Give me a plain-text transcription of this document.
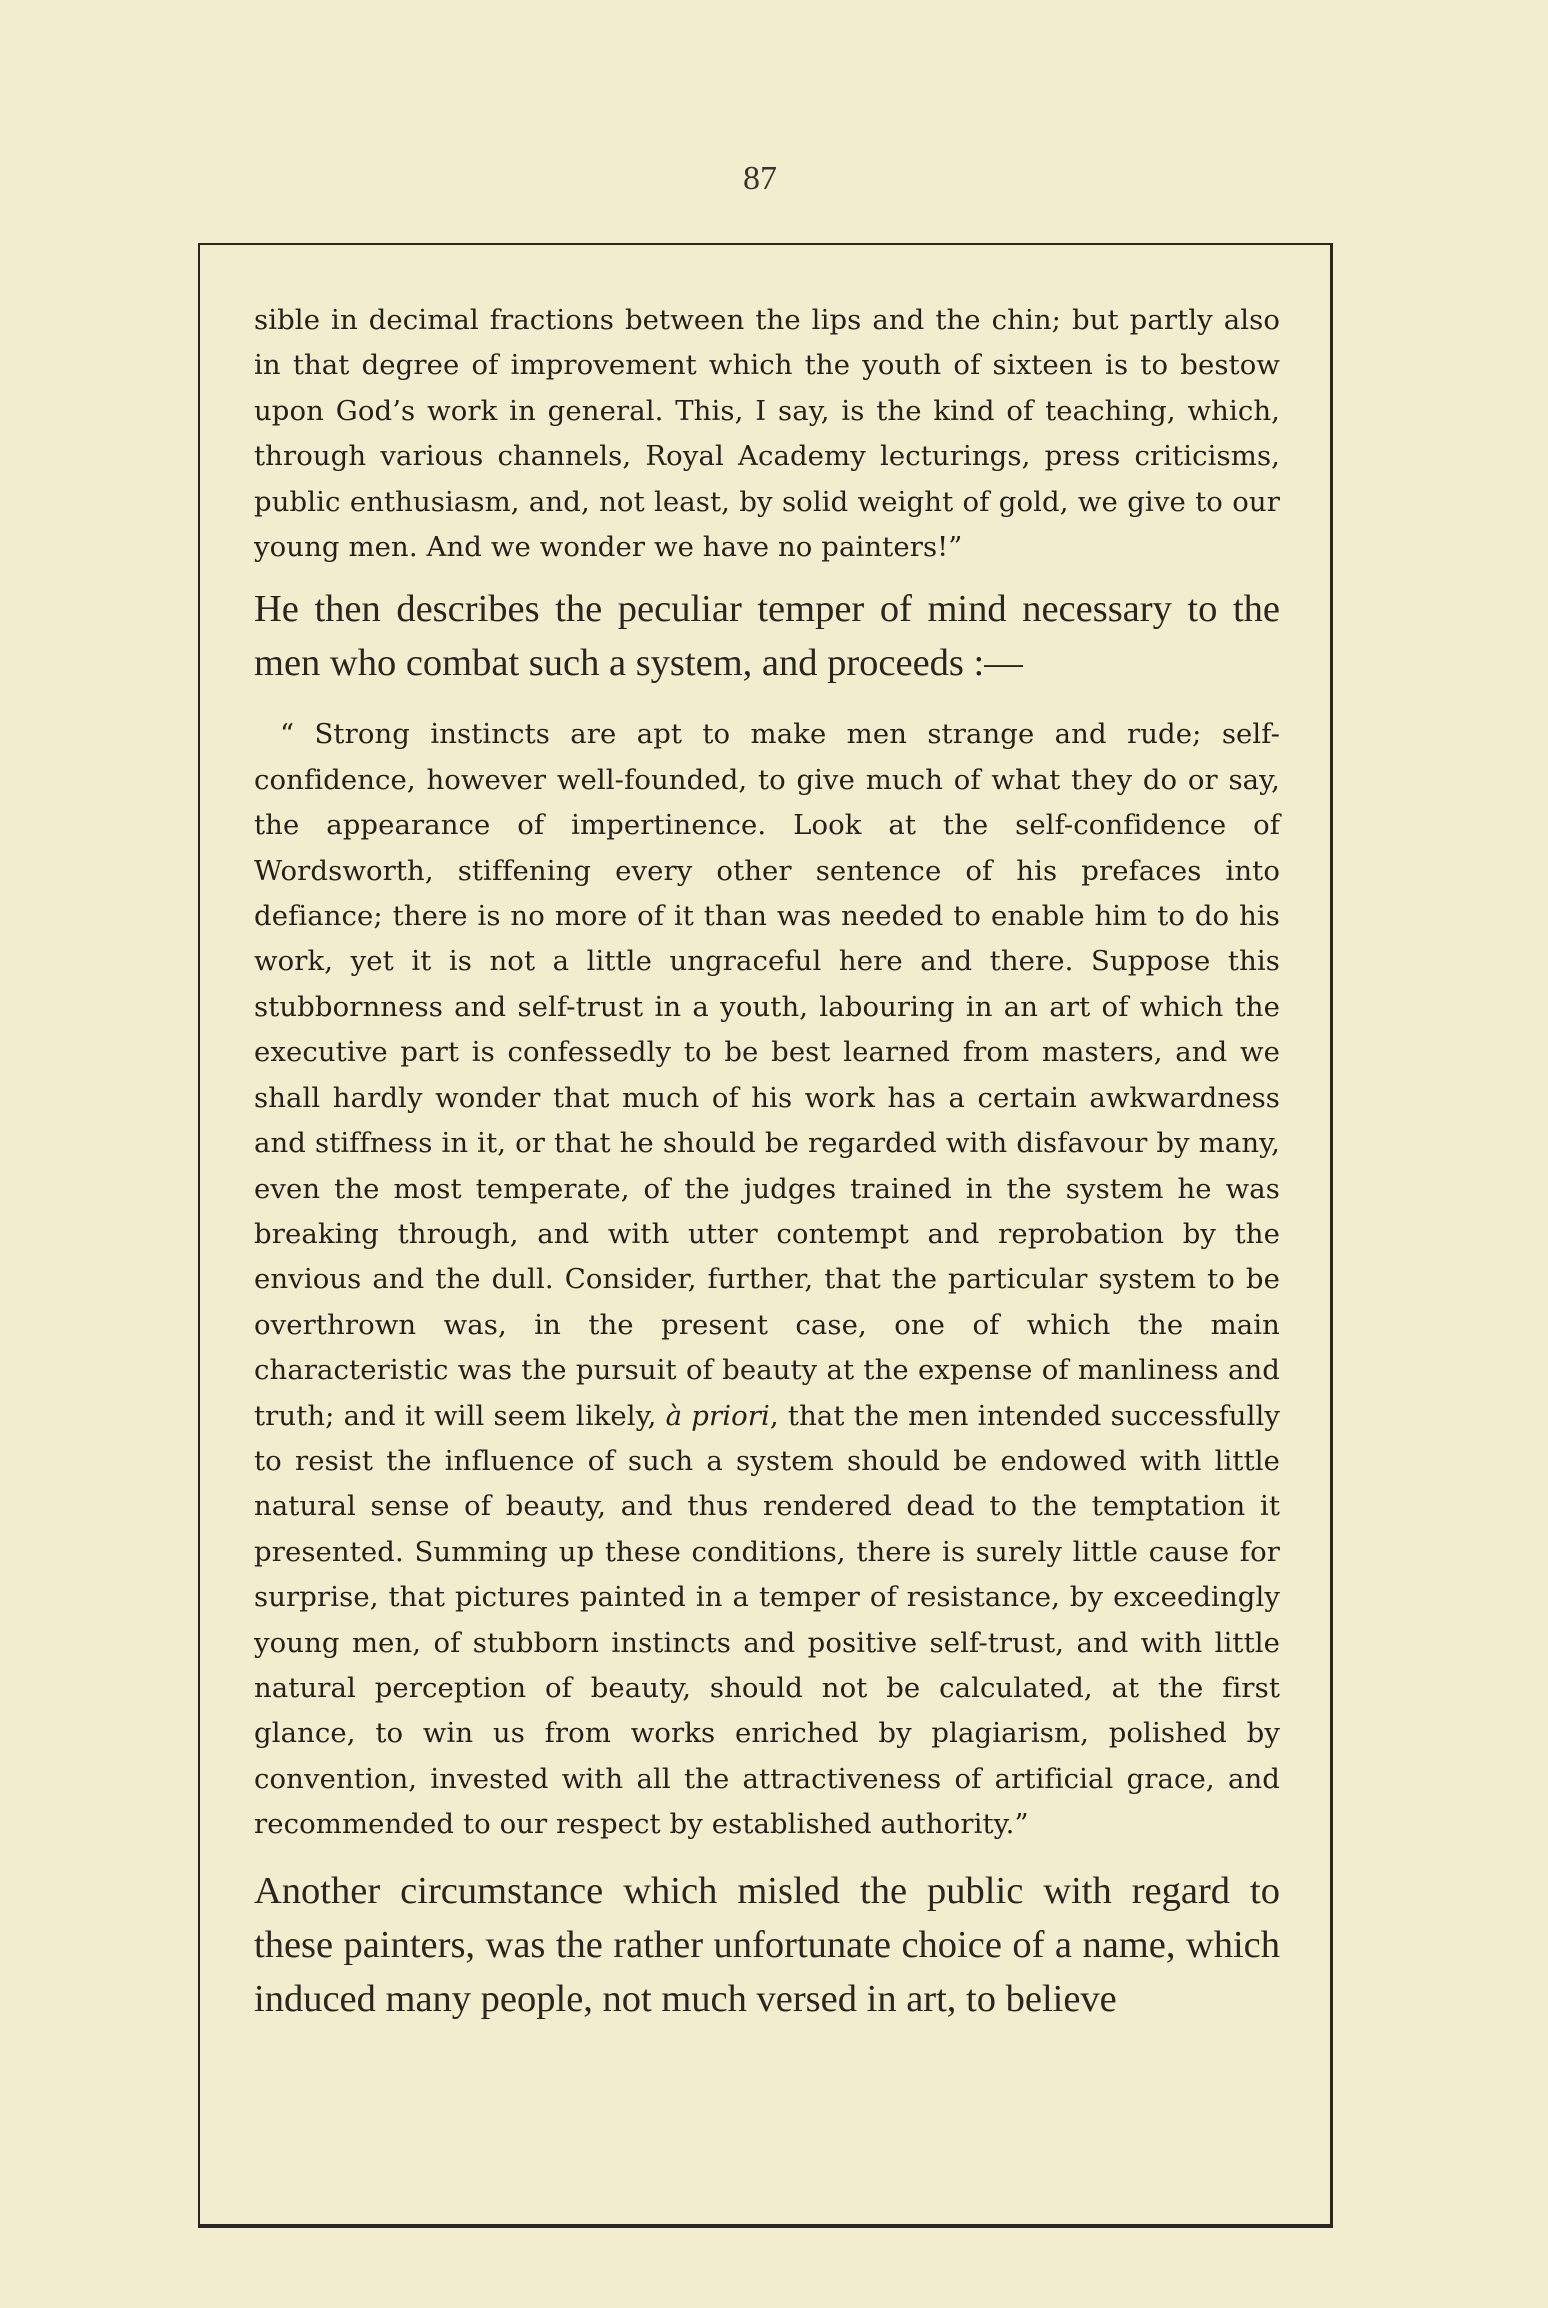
87

sible in decimal fractions between the lips and the chin; but partly also in that degree of improvement which the youth of sixteen is to bestow upon God’s work in general. This, I say, is the kind of teaching, which, through various channels, Royal Academy lecturings, press criticisms, public enthusiasm, and, not least, by solid weight of gold, we give to our young men. And we wonder we have no painters!”

He then describes the peculiar temper of mind necessary to the men who combat such a system, and proceeds :—

“ Strong instincts are apt to make men strange and rude; self-confidence, however well-founded, to give much of what they do or say, the appearance of impertinence. Look at the self-confidence of Wordsworth, stiffening every other sentence of his prefaces into defiance; there is no more of it than was needed to enable him to do his work, yet it is not a little ungraceful here and there. Suppose this stubbornness and self-trust in a youth, labouring in an art of which the executive part is confessedly to be best learned from masters, and we shall hardly wonder that much of his work has a certain awkwardness and stiffness in it, or that he should be regarded with disfavour by many, even the most temperate, of the judges trained in the system he was breaking through, and with utter contempt and reprobation by the envious and the dull. Consider, further, that the particular system to be overthrown was, in the present case, one of which the main characteristic was the pursuit of beauty at the expense of manliness and truth; and it will seem likely, à priori, that the men intended successfully to resist the influence of such a system should be endowed with little natural sense of beauty, and thus rendered dead to the temptation it presented. Summing up these conditions, there is surely little cause for surprise, that pictures painted in a temper of resistance, by exceedingly young men, of stubborn instincts and positive self-trust, and with little natural perception of beauty, should not be calculated, at the first glance, to win us from works enriched by plagiarism, polished by convention, invested with all the attractiveness of artificial grace, and recommended to our respect by established authority.”

Another circumstance which misled the public with regard to these painters, was the rather unfortunate choice of a name, which induced many people, not much versed in art, to believe
